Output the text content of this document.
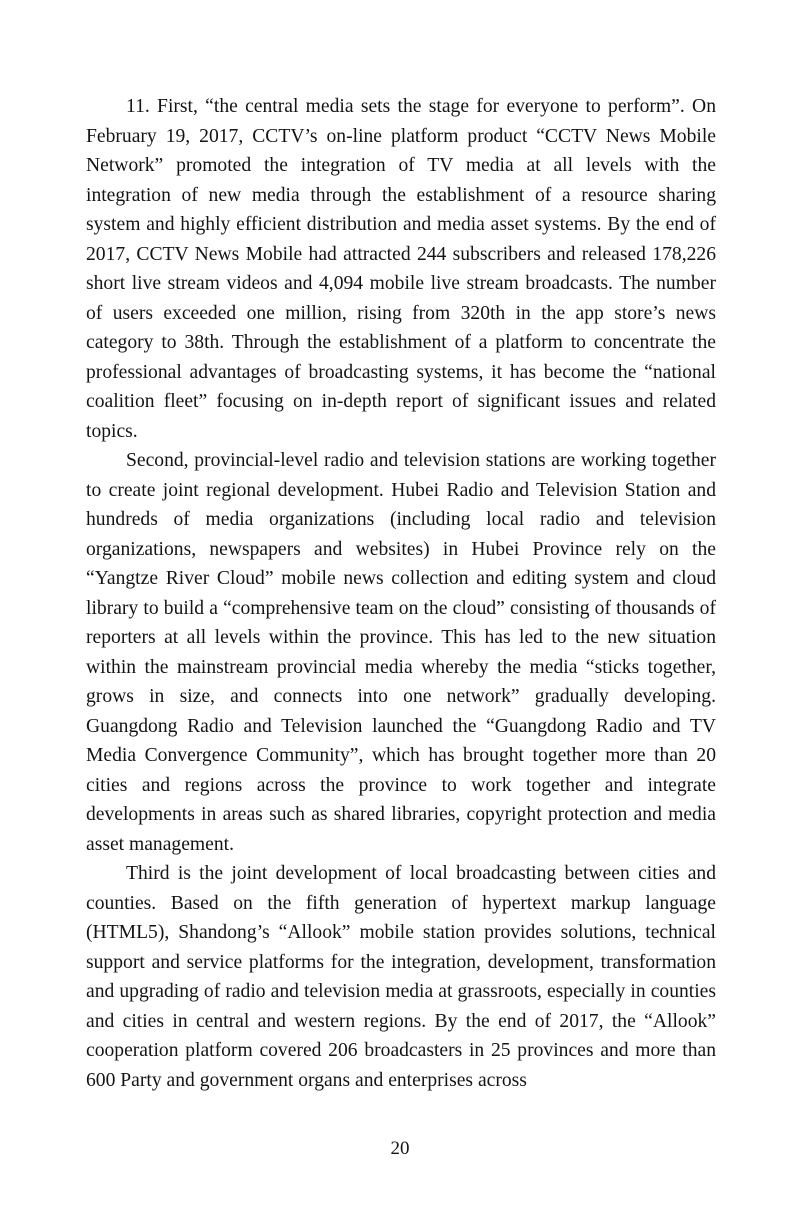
11. First, “the central media sets the stage for everyone to perform”. On February 19, 2017, CCTV’s on-line platform product “CCTV News Mobile Network” promoted the integration of TV media at all levels with the integration of new media through the establishment of a resource sharing system and highly efficient distribution and media asset systems. By the end of 2017, CCTV News Mobile had attracted 244 subscribers and released 178,226 short live stream videos and 4,094 mobile live stream broadcasts. The number of users exceeded one million, rising from 320th in the app store’s news category to 38th. Through the establishment of a platform to concentrate the professional advantages of broadcasting systems, it has become the “national coalition fleet” focusing on in-depth report of significant issues and related topics.

Second, provincial-level radio and television stations are working together to create joint regional development. Hubei Radio and Television Station and hundreds of media organizations (including local radio and television organizations, newspapers and websites) in Hubei Province rely on the “Yangtze River Cloud” mobile news collection and editing system and cloud library to build a “comprehensive team on the cloud” consisting of thousands of reporters at all levels within the province. This has led to the new situation within the mainstream provincial media whereby the media “sticks together, grows in size, and connects into one network” gradually developing. Guangdong Radio and Television launched the “Guangdong Radio and TV Media Convergence Community”, which has brought together more than 20 cities and regions across the province to work together and integrate developments in areas such as shared libraries, copyright protection and media asset management.

Third is the joint development of local broadcasting between cities and counties. Based on the fifth generation of hypertext markup language (HTML5), Shandong’s “Allook” mobile station provides solutions, technical support and service platforms for the integration, development, transformation and upgrading of radio and television media at grassroots, especially in counties and cities in central and western regions. By the end of 2017, the “Allook” cooperation platform covered 206 broadcasters in 25 provinces and more than 600 Party and government organs and enterprises across

20
